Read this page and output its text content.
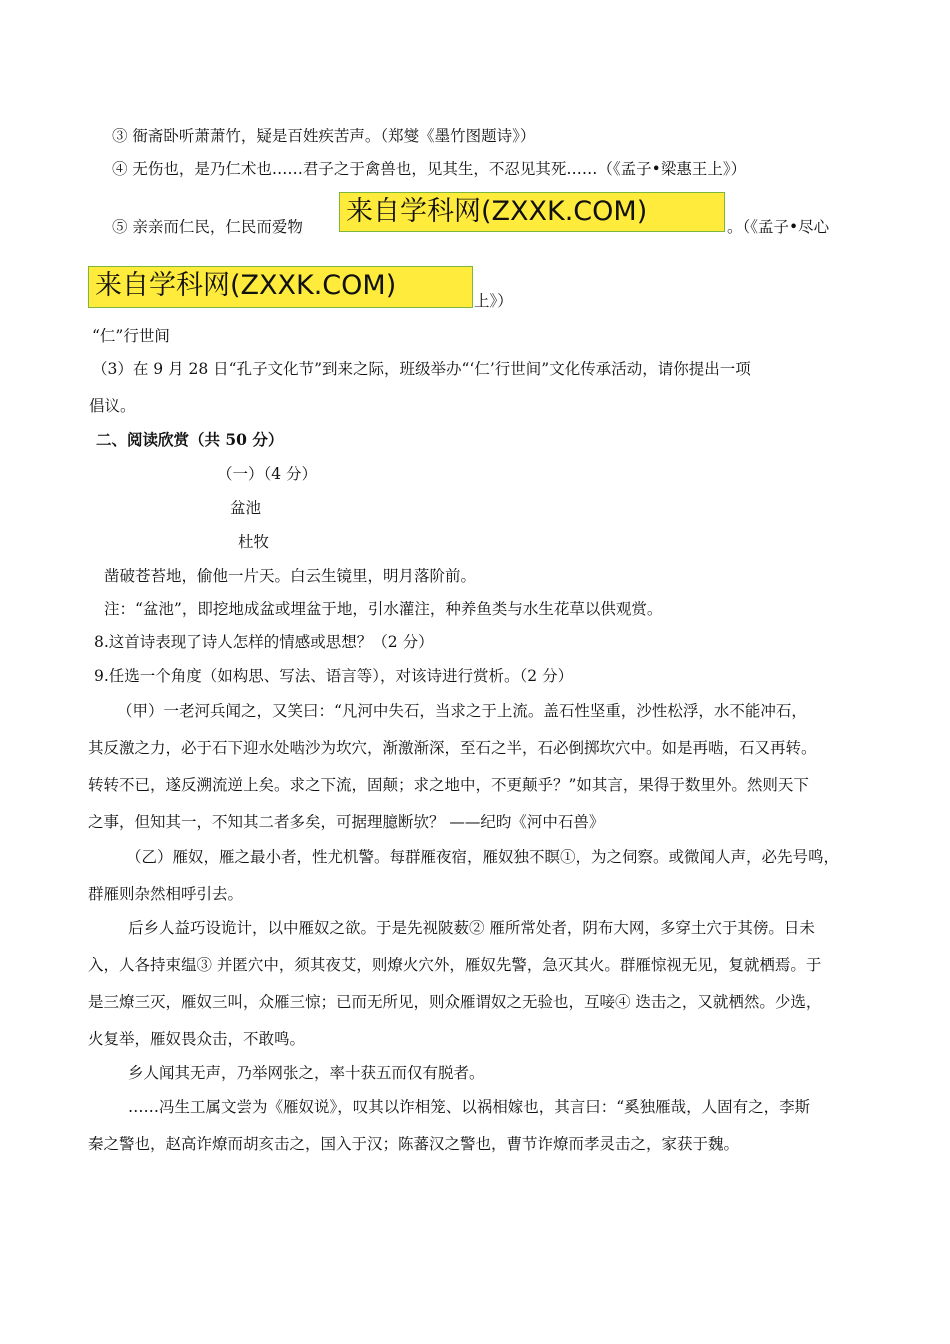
③ 衙斋卧听萧萧竹，疑是百姓疾苦声。（郑燮《墨竹图题诗》）
④ 无伤也，是乃仁术也……君子之于禽兽也，见其生，不忍见其死……（《孟子•梁惠王上》）
⑤ 亲亲而仁民，仁民而爱物 来自学科网(ZXXK.COM)	。（《孟子•尽心
来自学科网(ZXXK.COM)	上》）
“仁”行世间
（3）在 9 月 28 日“孔子文化节”到来之际，班级举办“‘仁’行世间”文化传承活动，请你提出一项
倡议。
二、阅读欣赏（共 50 分）
（一）（4 分）
盆池
杜牧
凿破苍苔地，偷他一片天。白云生镜里，明月落阶前。
注：“盆池”，即挖地成盆或埋盆于地，引水灌注，种养鱼类与水生花草以供观赏。
8.这首诗表现了诗人怎样的情感或思想？（2 分）
9.任选一个角度（如构思、写法、语言等），对该诗进行赏析。（2 分）
（甲）一老河兵闻之，又笑曰：“凡河中失石，当求之于上流。盖石性坚重，沙性松浮，水不能冲石，
其反激之力，必于石下迎水处啮沙为坎穴，渐激渐深，至石之半，石必倒掷坎穴中。如是再啮，石又再转。
转转不已，遂反溯流逆上矣。求之下流，固颠；求之地中，不更颠乎？”如其言，果得于数里外。然则天下
之事，但知其一，不知其二者多矣，可据理臆断欤？ ——纪昀《河中石兽》
（乙）雁奴，雁之最小者，性尤机警。每群雁夜宿，雁奴独不瞑①，为之伺察。或微闻人声，必先号鸣，
群雁则杂然相呼引去。
后乡人益巧设诡计，以中雁奴之欲。于是先视陂薮② 雁所常处者，阴布大网，多穿土穴于其傍。日未
入，人各持束缊③ 并匿穴中，须其夜艾，则燎火穴外，雁奴先警，急灭其火。群雁惊视无见，复就栖焉。于
是三燎三灭，雁奴三叫，众雁三惊；已而无所见，则众雁谓奴之无验也，互唼④ 迭击之，又就栖然。少选，
火复举，雁奴畏众击，不敢鸣。
乡人闻其无声，乃举网张之，率十获五而仅有脱者。
……冯生工属文尝为《雁奴说》，叹其以诈相笼、以祸相嫁也，其言曰：“奚独雁哉，人固有之，李斯
秦之警也，赵高诈燎而胡亥击之，国入于汉；陈蕃汉之警也，曹节诈燎而孝灵击之，家获于魏。
